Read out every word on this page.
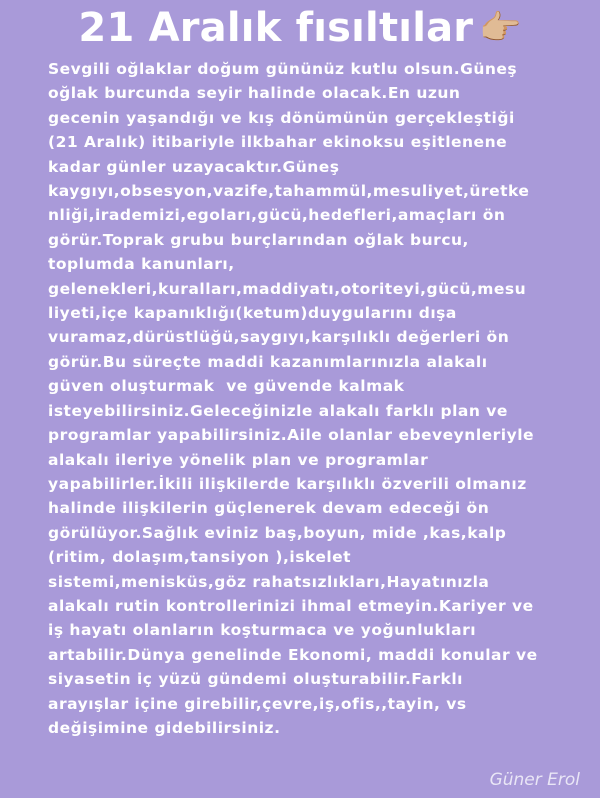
21 Aralık fısıltılar 👉🏼
Sevgili oğlaklar doğum gününüz kutlu olsun.Güneş
oğlak burcunda seyir halinde olacak.En uzun
gecenin yaşandığı ve kış dönümünün gerçekleştiği
(21 Aralık) itibariyle ilkbahar ekinoksu eşitlenene
kadar günler uzayacaktır.Güneş
kaygıyı,obsesyon,vazife,tahammül,mesuliyet,üretke
nliği,irademizi,egoları,gücü,hedefleri,amaçları ön
görür.Toprak grubu burçlarından oğlak burcu,
toplumda kanunları,
gelenekleri,kuralları,maddiyatı,otoriteyi,gücü,mesu
liyeti,içe kapanıklığı(ketum)duygularını dışa
vuramaz,dürüstlüğü,saygıyı,karşılıklı değerleri ön
görür.Bu süreçte maddi kazanımlarınızla alakalı
güven oluşturmak  ve güvende kalmak
isteyebilirsiniz.Geleceğinizle alakalı farklı plan ve
programlar yapabilirsiniz.Aile olanlar ebeveynleriyle
alakalı ileriye yönelik plan ve programlar
yapabilirler.İkili ilişkilerde karşılıklı özverili olmanız
halinde ilişkilerin güçlenerek devam edeceği ön
görülüyor.Sağlık eviniz baş,boyun, mide ,kas,kalp
(ritim, dolaşım,tansiyon ),iskelet
sistemi,menisküs,göz rahatsızlıkları,Hayatınızla
alakalı rutin kontrollerinizi ihmal etmeyin.Kariyer ve
iş hayatı olanların koşturmaca ve yoğunlukları
artabilir.Dünya genelinde Ekonomi, maddi konular ve
siyasetin iç yüzü gündemi oluşturabilir.Farklı
arayışlar içine girebilir,çevre,iş,ofis,,tayin, vs
değişimine gidebilirsiniz.
Güner Erol
